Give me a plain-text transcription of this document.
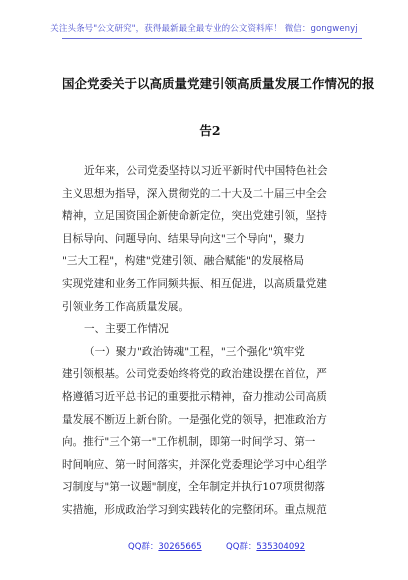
关注头条号"公文研究"，获得最新最全最专业的公文资料库！ 微信：gongwenyj
国企党委关于以高质量党建引领高质量发展工作情况的报
告2
近年来，公司党委坚持以习近平新时代中国特色社会
主义思想为指导，深入贯彻党的二十大及二十届三中全会
精神，立足国资国企新使命新定位，突出党建引领，坚持
目标导向、问题导向、结果导向这"三个导向"，聚力
"三大工程"，构建"党建引领、融合赋能"的发展格局
实现党建和业务工作同频共振、相互促进，以高质量党建
引领业务工作高质量发展。
一、主要工作情况
（一）聚力"政治铸魂"工程，"三个强化"筑牢党
建引领根基。公司党委始终将党的政治建设摆在首位，严
格遵循习近平总书记的重要批示精神，奋力推动公司高质
量发展不断迈上新台阶。一是强化党的领导，把准政治方
向。推行"三个第一"工作机制，即第一时间学习、第一
时间响应、第一时间落实，并深化党委理论学习中心组学
习制度与"第一议题"制度，全年制定并执行107项贯彻落
实措施，形成政治学习到实践转化的完整闭环。重点规范
QQ群：30265665	QQ群：535304092
